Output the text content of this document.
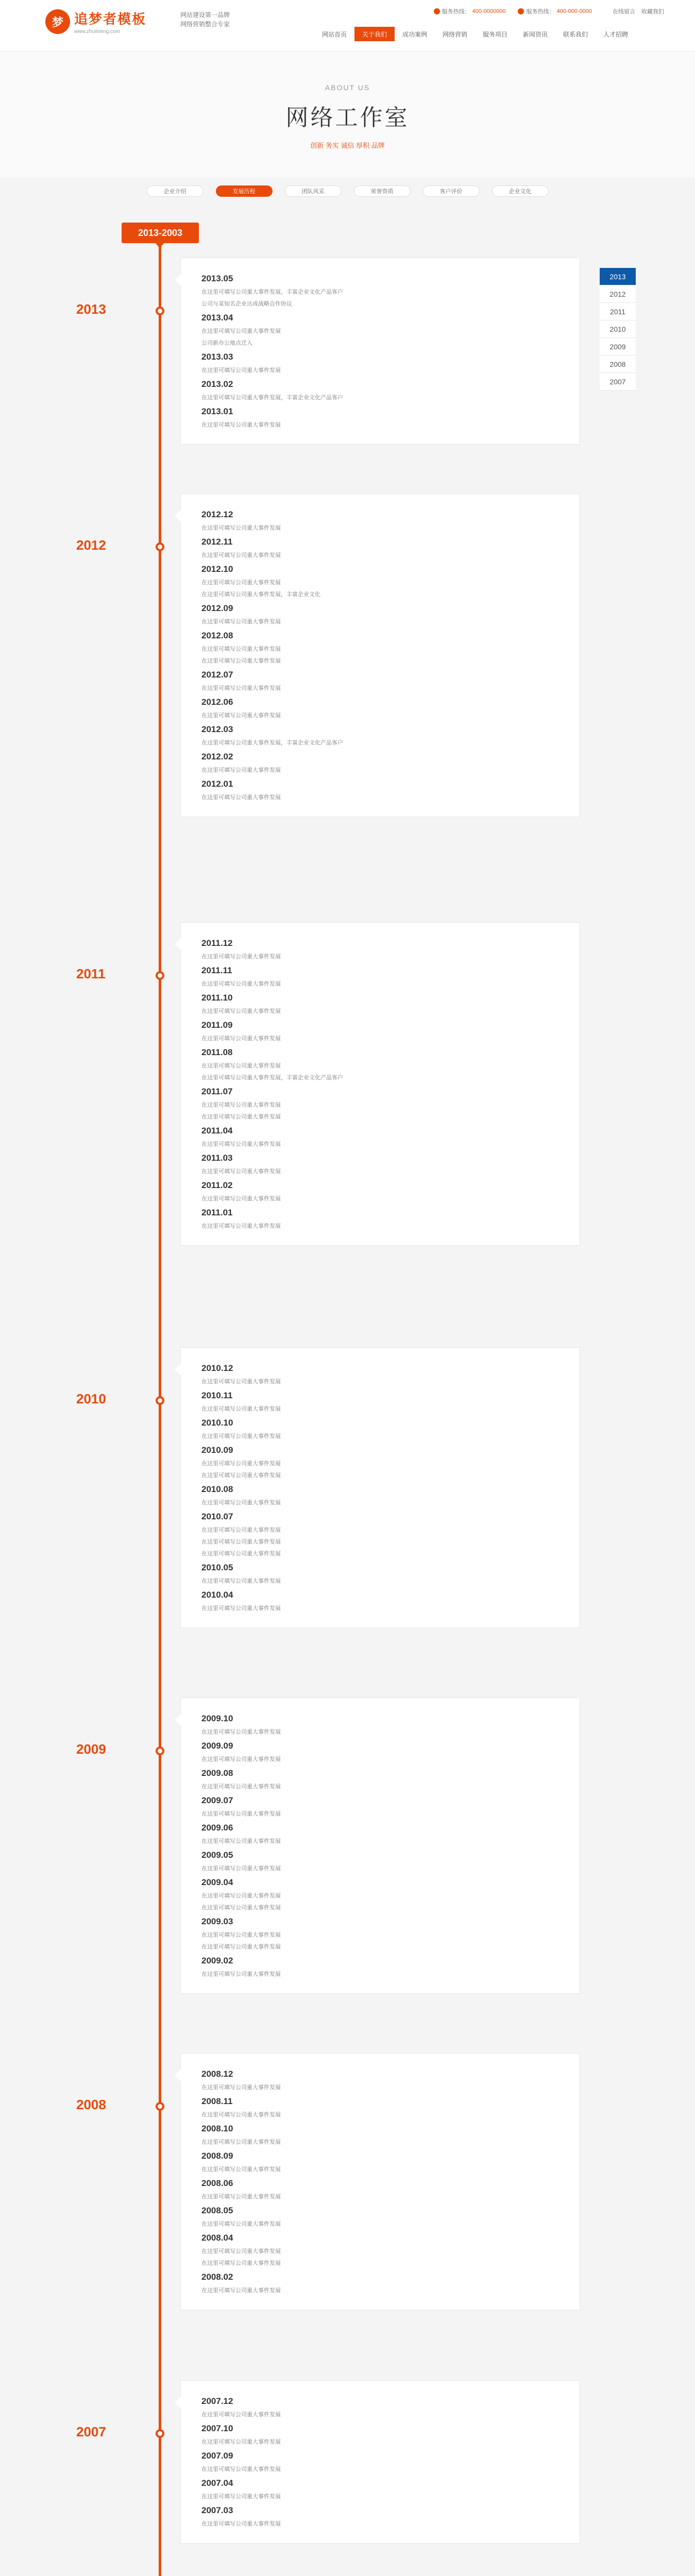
梦 追梦者模板
www.zhuimeng.com
网站建设第一品牌
网络营销整合专家
服务热线： 400-0000000	服务热线： 400-000-0000	在线留言 收藏我们
网站首页	关于我们	成功案例	网络营销	服务项目	新闻资讯	联系我们	人才招聘
ABOUT US
网络工作室
创新 务实 诚信 厚积 品牌
企业介绍	发展历程	团队风采	荣誉资质	客户评价	企业文化
2013-2003
2013
2013.05
在这里可填写公司重大事件发展，丰富企业文化产品客户
公司与某知名企业达成战略合作协议
2013.04
在这里可填写公司重大事件发展
公司新办公地点迁入
2013.03
在这里可填写公司重大事件发展
2013.02
在这里可填写公司重大事件发展，丰富企业文化产品客户
2013.01
在这里可填写公司重大事件发展
2012
2012.12
在这里可填写公司重大事件发展
2012.11
在这里可填写公司重大事件发展
2012.10
在这里可填写公司重大事件发展
在这里可填写公司重大事件发展，丰富企业文化
2012.09
在这里可填写公司重大事件发展
2012.08
在这里可填写公司重大事件发展
在这里可填写公司重大事件发展
2012.07
在这里可填写公司重大事件发展
2012.06
在这里可填写公司重大事件发展
2012.03
在这里可填写公司重大事件发展，丰富企业文化产品客户
2012.02
在这里可填写公司重大事件发展
2012.01
在这里可填写公司重大事件发展
2011
2011.12
在这里可填写公司重大事件发展
2011.11
在这里可填写公司重大事件发展
2011.10
在这里可填写公司重大事件发展
2011.09
在这里可填写公司重大事件发展
2011.08
在这里可填写公司重大事件发展
在这里可填写公司重大事件发展，丰富企业文化产品客户
2011.07
在这里可填写公司重大事件发展
在这里可填写公司重大事件发展
2011.04
在这里可填写公司重大事件发展
2011.03
在这里可填写公司重大事件发展
2011.02
在这里可填写公司重大事件发展
2011.01
在这里可填写公司重大事件发展
2010
2010.12
在这里可填写公司重大事件发展
2010.11
在这里可填写公司重大事件发展
2010.10
在这里可填写公司重大事件发展
2010.09
在这里可填写公司重大事件发展
在这里可填写公司重大事件发展
2010.08
在这里可填写公司重大事件发展
2010.07
在这里可填写公司重大事件发展
在这里可填写公司重大事件发展
在这里可填写公司重大事件发展
2010.05
在这里可填写公司重大事件发展
2010.04
在这里可填写公司重大事件发展
2009
2009.10
在这里可填写公司重大事件发展
2009.09
在这里可填写公司重大事件发展
2009.08
在这里可填写公司重大事件发展
2009.07
在这里可填写公司重大事件发展
2009.06
在这里可填写公司重大事件发展
2009.05
在这里可填写公司重大事件发展
2009.04
在这里可填写公司重大事件发展
在这里可填写公司重大事件发展
2009.03
在这里可填写公司重大事件发展
在这里可填写公司重大事件发展
2009.02
在这里可填写公司重大事件发展
2008
2008.12
在这里可填写公司重大事件发展
2008.11
在这里可填写公司重大事件发展
2008.10
在这里可填写公司重大事件发展
2008.09
在这里可填写公司重大事件发展
2008.06
在这里可填写公司重大事件发展
2008.05
在这里可填写公司重大事件发展
2008.04
在这里可填写公司重大事件发展
在这里可填写公司重大事件发展
2008.02
在这里可填写公司重大事件发展
2007
2007.12
在这里可填写公司重大事件发展
2007.10
在这里可填写公司重大事件发展
2007.09
在这里可填写公司重大事件发展
2007.04
在这里可填写公司重大事件发展
2007.03
在这里可填写公司重大事件发展
2013
2012
2011
2010
2009
2008
2007
